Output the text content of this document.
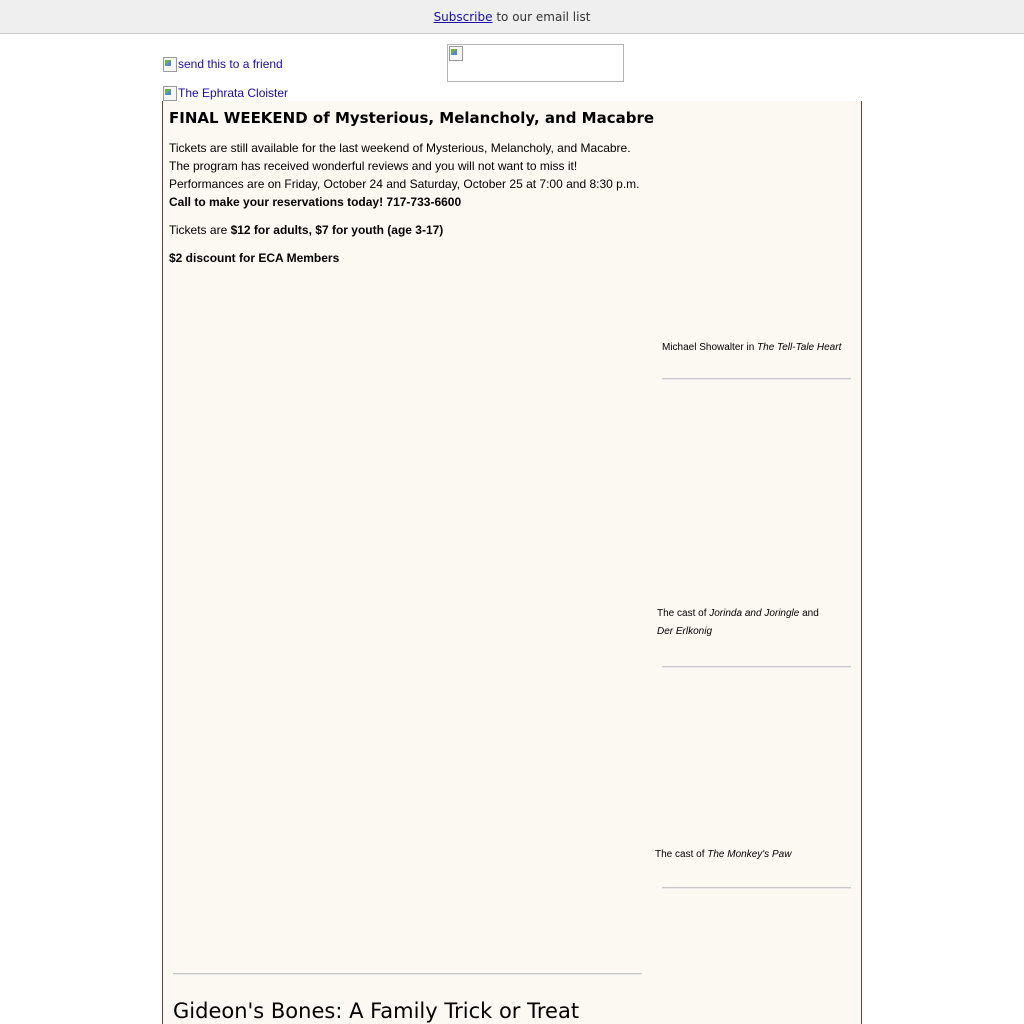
Subscribe to our email list
send this to a friend
The Ephrata Cloister
FINAL WEEKEND of Mysterious, Melancholy, and Macabre
Tickets are still available for the last weekend of Mysterious, Melancholy, and Macabre.
The program has received wonderful reviews and you will not want to miss it!
Performances are on Friday, October 24 and Saturday, October 25 at 7:00 and 8:30 p.m.
Call to make your reservations today! 717-733-6600
Tickets are $12 for adults, $7 for youth (age 3-17)
$2 discount for ECA Members
Michael Showalter in The Tell-Tale Heart
The cast of Jorinda and Joringle and
Der Erlkonig
The cast of The Monkey's Paw
Gideon's Bones: A Family Trick or Treat
